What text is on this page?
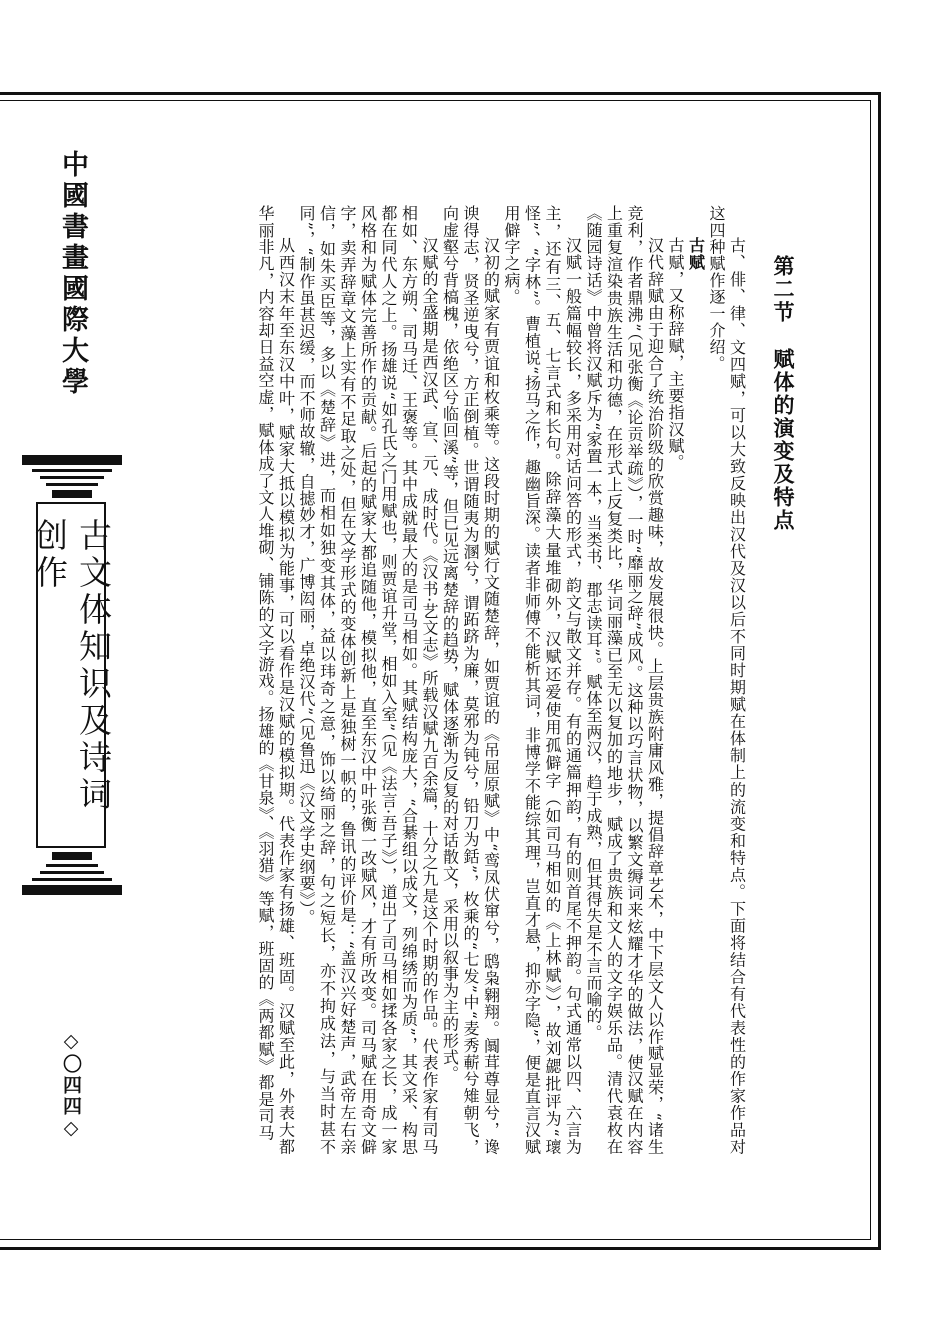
中國書畫國際大學
古文体知识及诗词创作
◇〇四四◇
第二节赋体的演变及特点

古、俳、律、文四赋，可以大致反映出汉代及汉以后不同时期赋在体制上的流变和特点。下面将结合有代表性的作家作品对这四种赋作逐一介绍。

古赋

古赋，又称辞赋，主要指汉赋。

汉代辞赋由于迎合了统治阶级的欣赏趣味，故发展很快。上层贵族附庸风雅，提倡辞章艺术，中下层文人以作赋显荣，“诸生竞利，作者鼎沸”（见张衡《论贡举疏》），一时“靡丽之辞”成风。这种以巧言状物，以繁文缛词来炫耀才华的做法，使汉赋在内容上重复渲染贵族生活和功德，在形式上反复类比，华词丽藻已至无以复加的地步，赋成了贵族和文人的文字娱乐品。清代袁枚在《随园诗话》中曾将汉赋斥为“家置一本，当类书、郡志读耳”。赋体至两汉，趋于成熟，但其得失是不言而喻的。

汉赋一般篇幅较长，多采用对话问答的形式，韵文与散文并存。有的通篇押韵，有的则首尾不押韵。句式通常以四、六言为主，还有三、五、七言式和长句。除辞藻大量堆砌外，汉赋还爱使用孤僻字（如司马相如的《上林赋》），故刘勰批评为“瓌怪”、“字林”。曹植说“扬马之作，趣幽旨深。读者非师傅不能析其词，非博学不能综其理，岂直才悬，抑亦字隐”，便是直言汉赋用僻字之病。

汉初的赋家有贾谊和枚乘等。这段时期的赋行文随楚辞，如贾谊的《吊屈原赋》中“鸾凤伏窜兮，鸱枭翱翔。阘茸尊显兮，谗谀得志，贤圣逆曳兮，方正倒植。世谓随夷为溷兮，谓跖跻为廉，莫邪为钝兮，铅刀为銛”，枚乘的“七发”中“麦秀蔪兮雉朝飞，向虚壑兮背槁槐，依绝区兮临回溪”等，但已见远离楚辞的趋势，赋体逐渐为反复的对话散文，采用以叙事为主的形式。

汉赋的全盛期是西汉武、宣、元、成时代。《汉书·艺文志》所载汉赋九百余篇，十分之九是这个时期的作品。代表作家有司马相如、东方朔、司马迁、王褒等。其中成就最大的是司马相如。其赋结构庞大，“合綦组以成文，列绵绣而为质”，其文采、构思都在同代人之上。扬雄说“如孔氏之门用赋也，则贾谊升堂，相如入室”（见《法言·吾子》），道出了司马相如揉各家之长，成一家风格和为赋体完善所作的贡献。后起的赋家大都追随他，模拟他，直至东汉中叶张衡一改赋风，才有所改变。司马赋在用奇文僻字，卖弄辞章文藻上实有不足取之处，但在文学形式的变体创新上是独树一帜的，鲁讯的评价是：“盖汉兴好楚声，武帝左右亲信，如朱买臣等，多以《楚辞》进，而相如独变其体，益以玮奇之意，饰以绮丽之辞，句之短长，亦不拘成法，与当时甚不同”，“制作虽甚迟缓，而不师故辙，自摅妙才，广博闳丽，卓绝汉代”（见鲁迅《汉文学史纲要》）。

从西汉末年至东汉中叶，赋家大抵以模拟为能事，可以看作是汉赋的模拟期。代表作家有扬雄、班固。汉赋至此，外表大都华丽非凡，内容却日益空虚，赋体成了文人堆砌、铺陈的文字游戏。扬雄的《甘泉》、《羽猎》等赋，班固的《两都赋》都是司马
